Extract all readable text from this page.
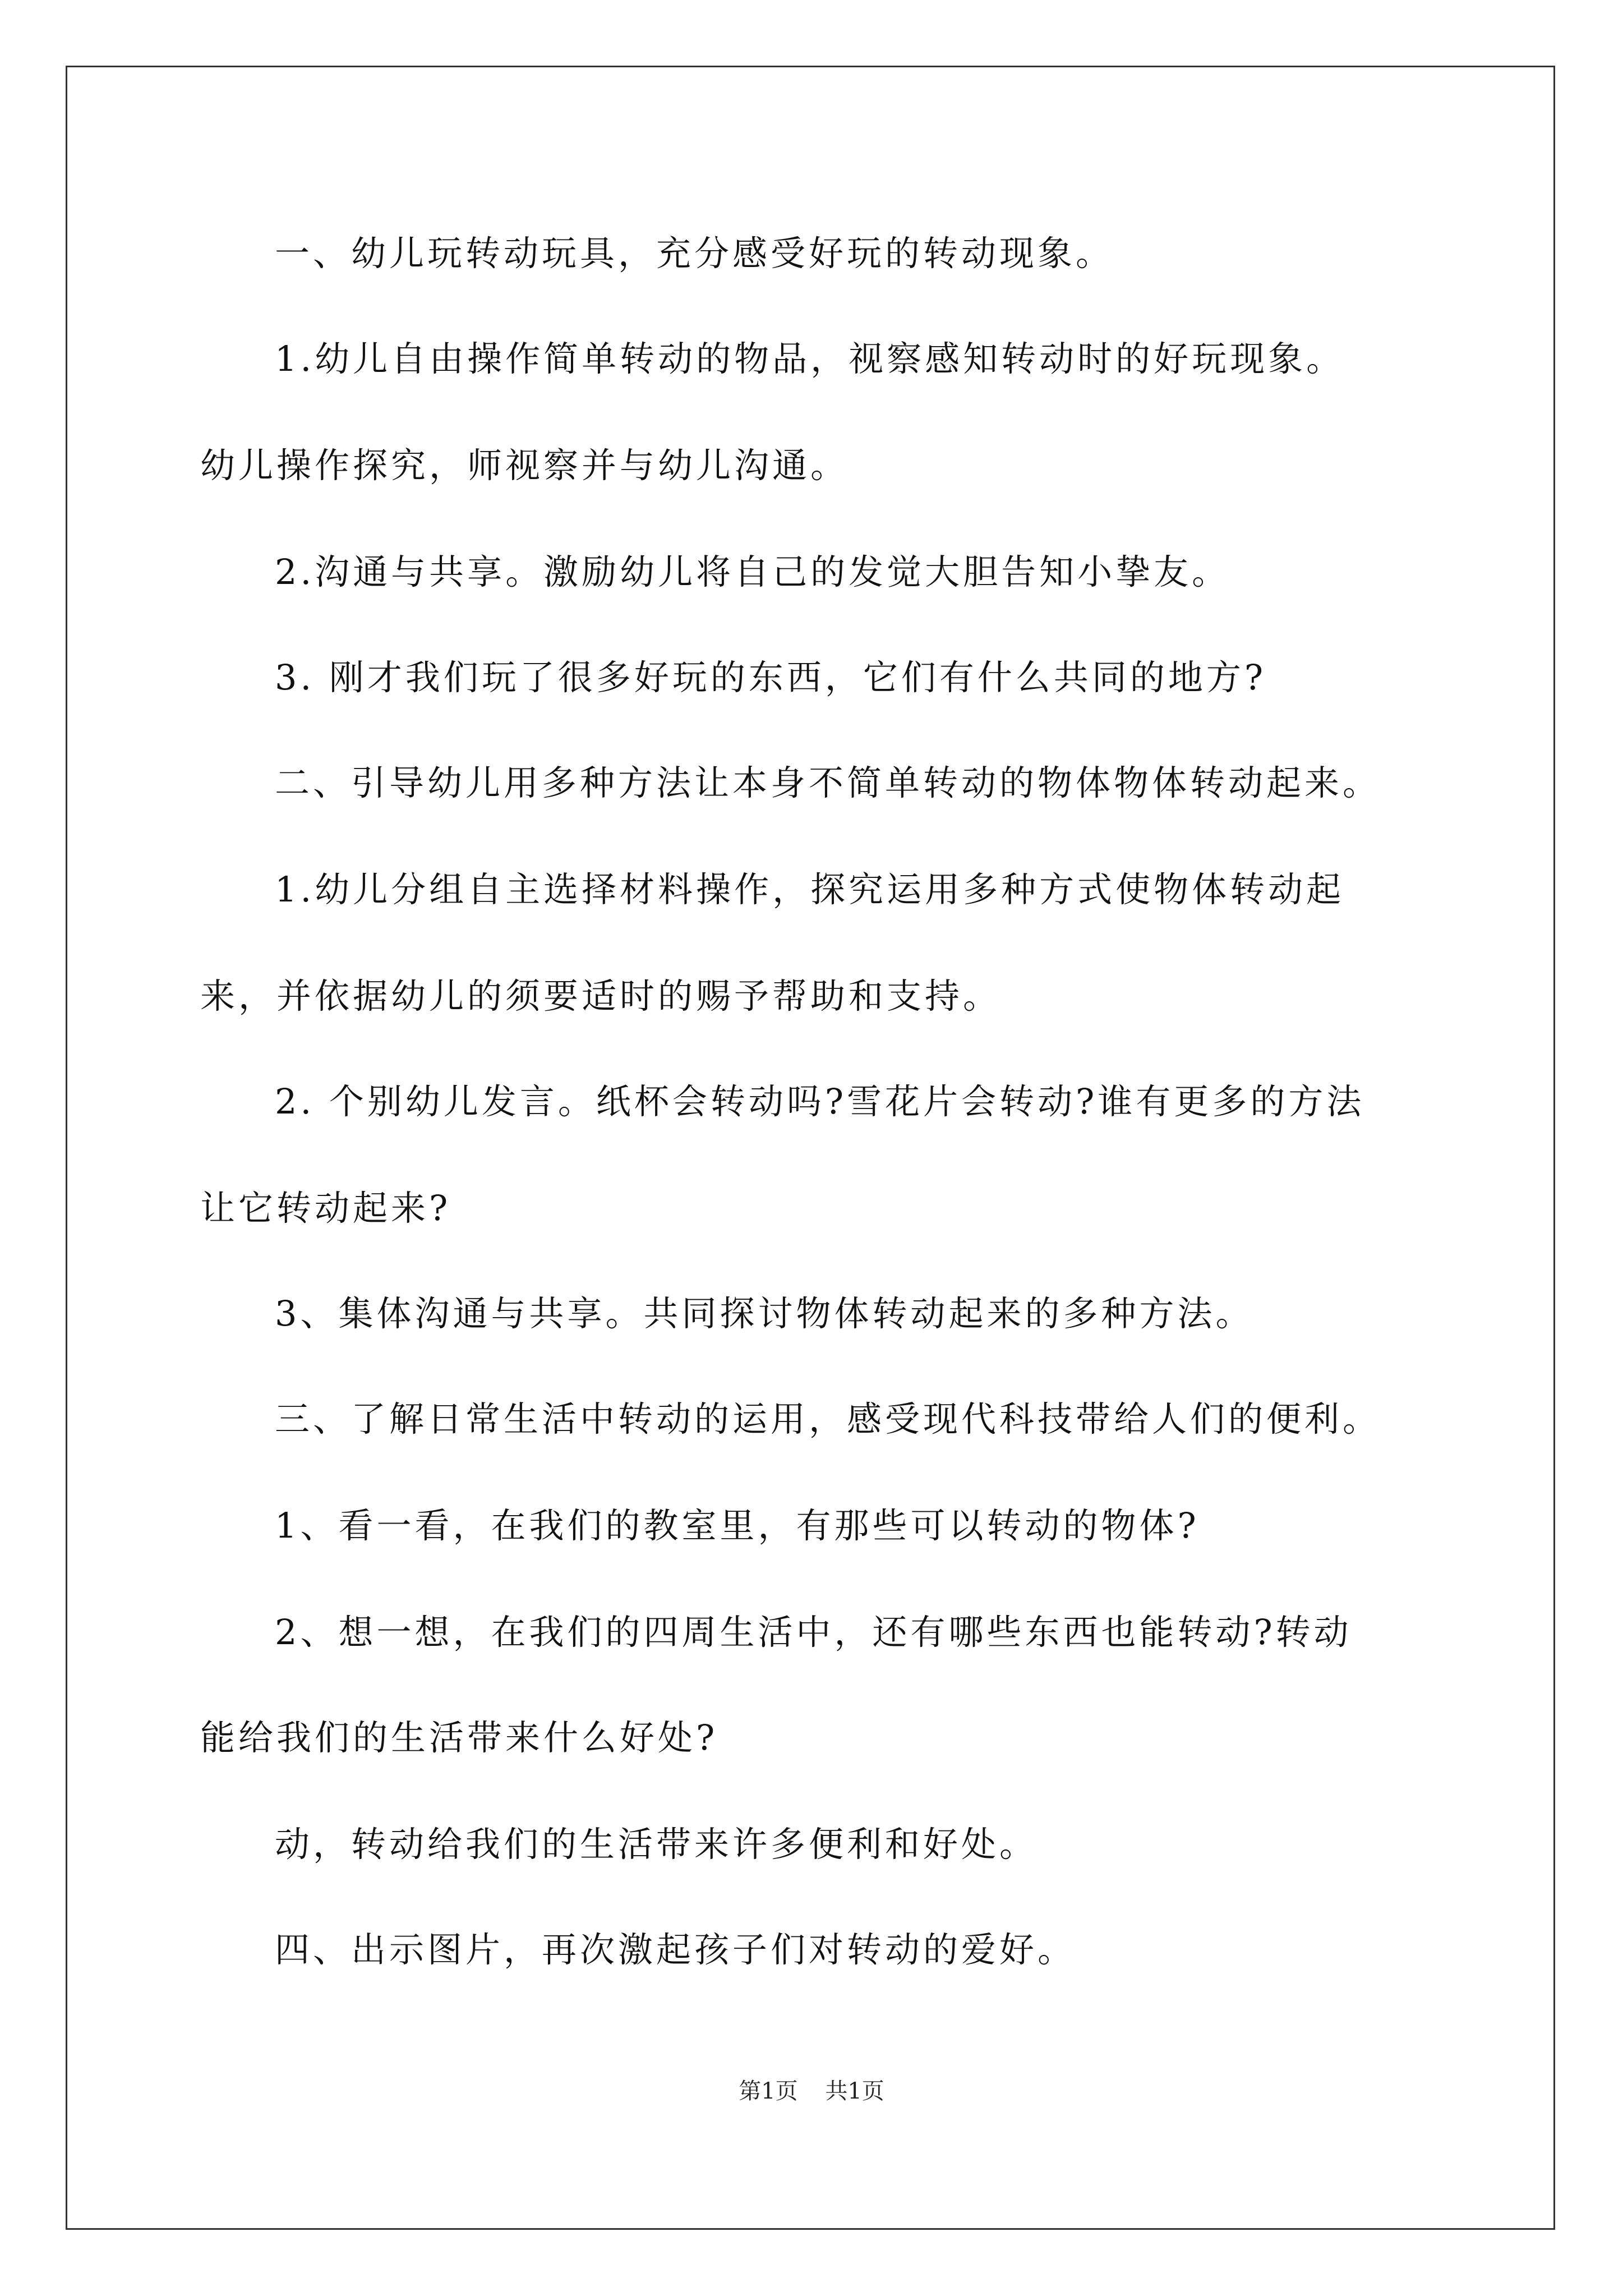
一、幼儿玩转动玩具，充分感受好玩的转动现象。
1.幼儿自由操作简单转动的物品，视察感知转动时的好玩现象。
幼儿操作探究，师视察并与幼儿沟通。
2.沟通与共享。激励幼儿将自己的发觉大胆告知小挚友。
3. 刚才我们玩了很多好玩的东西，它们有什么共同的地方?
二、引导幼儿用多种方法让本身不简单转动的物体物体转动起来。
1.幼儿分组自主选择材料操作，探究运用多种方式使物体转动起
来，并依据幼儿的须要适时的赐予帮助和支持。
2. 个别幼儿发言。纸杯会转动吗?雪花片会转动?谁有更多的方法
让它转动起来?
3、集体沟通与共享。共同探讨物体转动起来的多种方法。
三、了解日常生活中转动的运用，感受现代科技带给人们的便利。
1、看一看，在我们的教室里，有那些可以转动的物体?
2、想一想，在我们的四周生活中，还有哪些东西也能转动?转动
能给我们的生活带来什么好处?
动，转动给我们的生活带来许多便利和好处。
四、出示图片，再次激起孩子们对转动的爱好。
第1页 共1页
